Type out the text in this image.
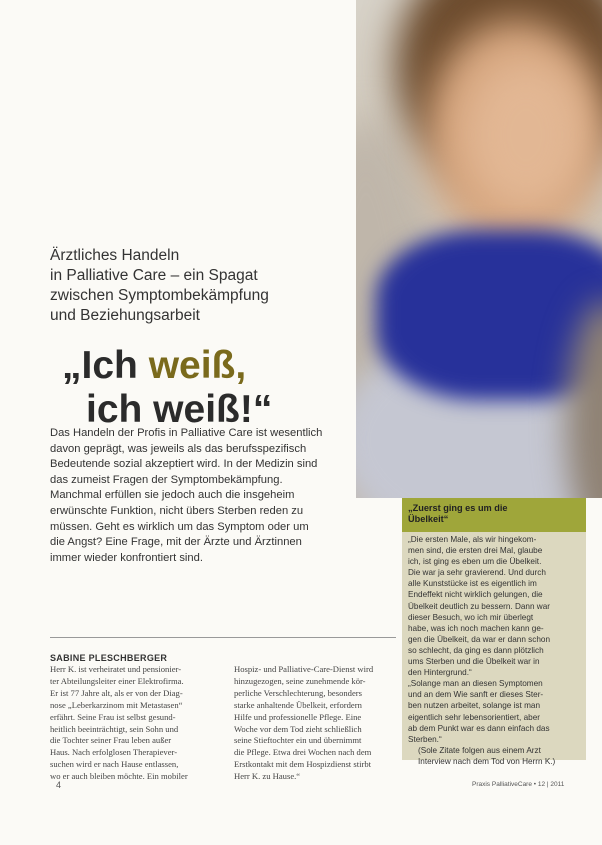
Ärztliches Handeln
in Palliative Care – ein Spagat
zwischen Symptombekämpfung
und Beziehungsarbeit
„Ich weiß,
ich weiß!“
Das Handeln der Profis in Palliative Care ist wesentlich
davon geprägt, was jeweils als das berufsspezifisch
Bedeutende sozial akzeptiert wird. In der Medizin sind
das zumeist Fragen der Symptombekämpfung.
Manchmal erfüllen sie jedoch auch die insgeheim
erwünschte Funktion, nicht übers Sterben reden zu
müssen. Geht es wirklich um das Symptom oder um
die Angst? Eine Frage, mit der Ärzte und Ärztinnen
immer wieder konfrontiert sind.
SABINE PLESCHBERGER
Herr K. ist verheiratet und pensionier-
ter Abteilungsleiter einer Elektrofirma.
Er ist 77 Jahre alt, als er von der Diag-
nose „Leberkarzinom mit Metastasen“
erfährt. Seine Frau ist selbst gesund-
heitlich beeinträchtigt, sein Sohn und
die Tochter seiner Frau leben außer
Haus. Nach erfolglosen Therapiever-
suchen wird er nach Hause entlassen,
wo er auch bleiben möchte. Ein mobiler
Hospiz- und Palliative-Care-Dienst wird
hinzugezogen, seine zunehmende kör-
perliche Verschlechterung, besonders
starke anhaltende Übelkeit, erfordern
Hilfe und professionelle Pflege. Eine
Woche vor dem Tod zieht schließlich
seine Stieftochter ein und übernimmt
die Pflege. Etwa drei Wochen nach dem
Erstkontakt mit dem Hospizdienst stirbt
Herr K. zu Hause.“
„Zuerst ging es um die
Übelkeit“
„Die ersten Male, als wir hingekom-
men sind, die ersten drei Mal, glaube
ich, ist ging es eben um die Übelkeit.
Die war ja sehr gravierend. Und durch
alle Kunststücke ist es eigentlich im
Endeffekt nicht wirklich gelungen, die
Übelkeit deutlich zu bessern. Dann war
dieser Besuch, wo ich mir überlegt
habe, was ich noch machen kann ge-
gen die Übelkeit, da war er dann schon
so schlecht, da ging es dann plötzlich
ums Sterben und die Übelkeit war in
den Hintergrund.“
„Solange man an diesen Symptomen
und an dem Wie sanft er dieses Ster-
ben nutzen arbeitet, solange ist man
eigentlich sehr lebensorientiert, aber
ab dem Punkt war es dann einfach das
Sterben.“
(Sole Zitate folgen aus einem Arzt
Interview nach dem Tod von Herrn K.)
4	Praxis PalliativeCare • 12 | 2011
